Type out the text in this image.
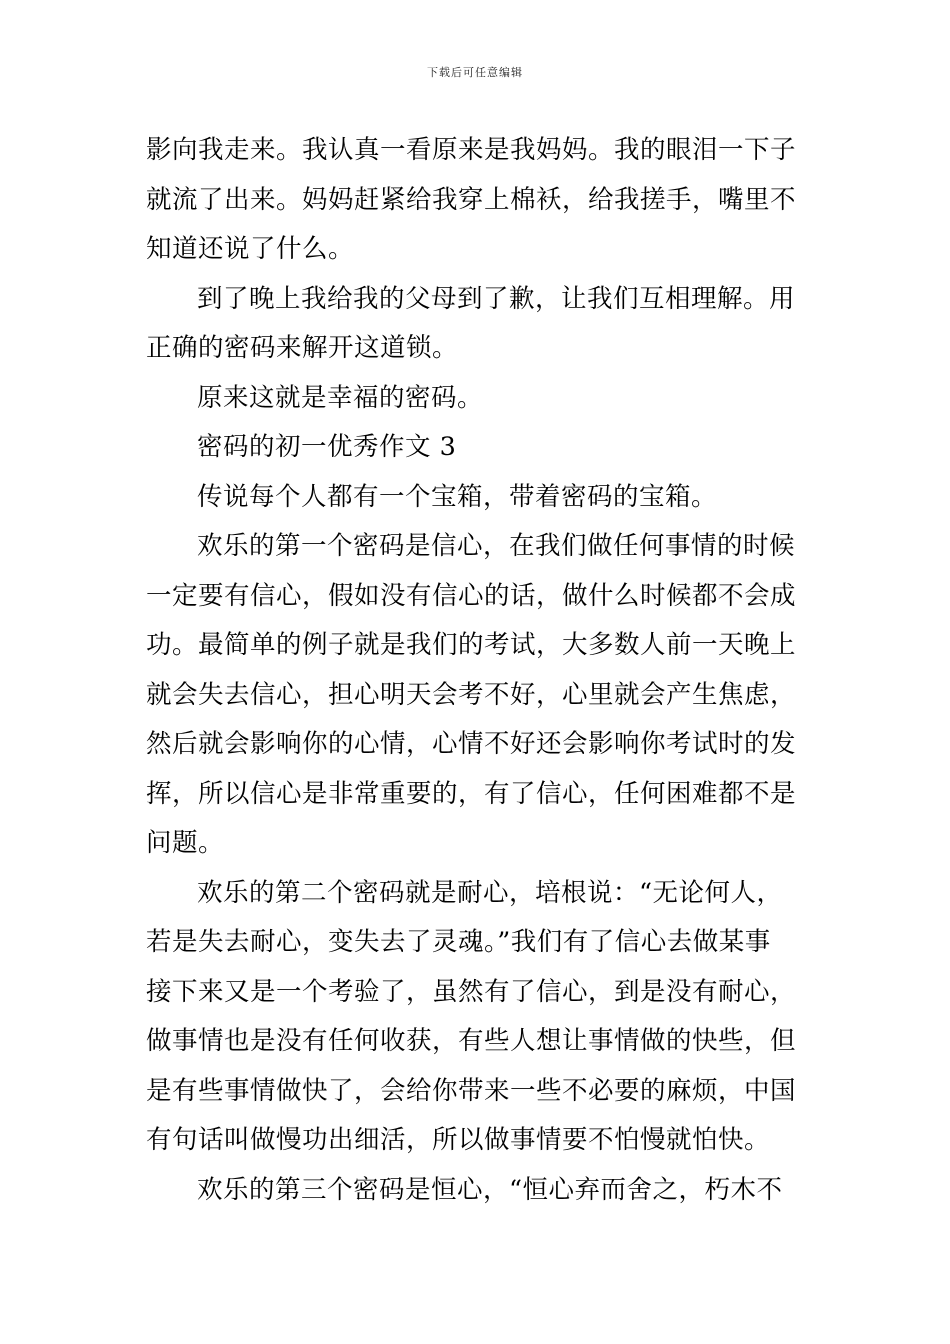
下载后可任意编辑
影向我走来。我认真一看原来是我妈妈。我的眼泪一下子
就流了出来。妈妈赶紧给我穿上棉袄，给我搓手，嘴里不
知道还说了什么。
到了晚上我给我的父母到了歉，让我们互相理解。用
正确的密码来解开这道锁。
原来这就是幸福的密码。
密码的初一优秀作文 3
传说每个人都有一个宝箱，带着密码的宝箱。
欢乐的第一个密码是信心，在我们做任何事情的时候
一定要有信心，假如没有信心的话，做什么时候都不会成
功。最简单的例子就是我们的考试，大多数人前一天晚上
就会失去信心，担心明天会考不好，心里就会产生焦虑，
然后就会影响你的心情，心情不好还会影响你考试时的发
挥，所以信心是非常重要的，有了信心，任何困难都不是
问题。
欢乐的第二个密码就是耐心，培根说：“无论何人，
若是失去耐心，变失去了灵魂。”我们有了信心去做某事
接下来又是一个考验了，虽然有了信心，到是没有耐心，
做事情也是没有任何收获，有些人想让事情做的快些，但
是有些事情做快了，会给你带来一些不必要的麻烦，中国
有句话叫做慢功出细活，所以做事情要不怕慢就怕快。
欢乐的第三个密码是恒心，“恒心弃而舍之，朽木不
